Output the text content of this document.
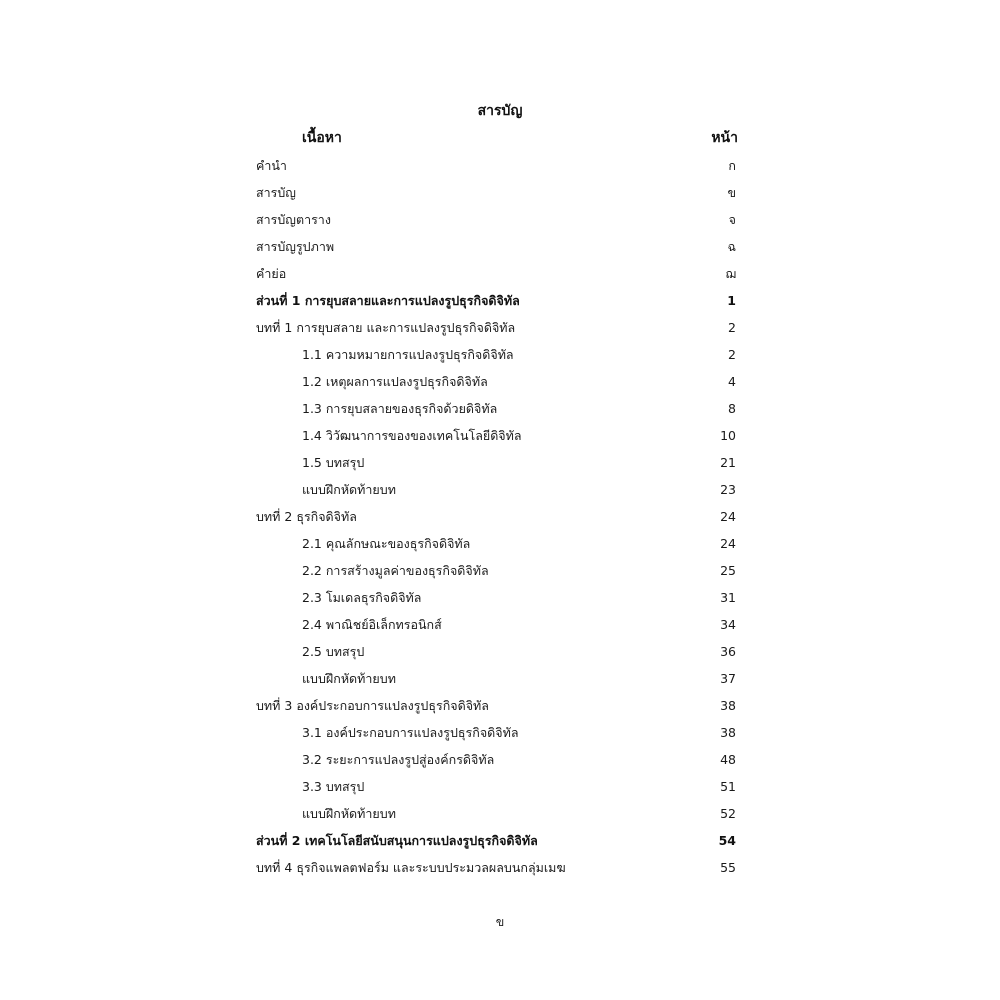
สารบัญ
เนื้อหา	หน้า
คำนำ	ก
สารบัญ	ข
สารบัญตาราง	จ
สารบัญรูปภาพ	ฉ
คำย่อ	ฌ
ส่วนที่ 1 การยุบสลายและการแปลงรูปธุรกิจดิจิทัล	1
บทที่ 1 การยุบสลาย และการแปลงรูปธุรกิจดิจิทัล	2
1.1 ความหมายการแปลงรูปธุรกิจดิจิทัล	2
1.2 เหตุผลการแปลงรูปธุรกิจดิจิทัล	4
1.3 การยุบสลายของธุรกิจด้วยดิจิทัล	8
1.4 วิวัฒนาการของของเทคโนโลยีดิจิทัล	10
1.5 บทสรุป	21
แบบฝึกหัดท้ายบท	23
บทที่ 2 ธุรกิจดิจิทัล	24
2.1 คุณลักษณะของธุรกิจดิจิทัล	24
2.2 การสร้างมูลค่าของธุรกิจดิจิทัล	25
2.3 โมเดลธุรกิจดิจิทัล	31
2.4 พาณิชย์อิเล็กทรอนิกส์	34
2.5 บทสรุป	36
แบบฝึกหัดท้ายบท	37
บทที่ 3 องค์ประกอบการแปลงรูปธุรกิจดิจิทัล	38
3.1 องค์ประกอบการแปลงรูปธุรกิจดิจิทัล	38
3.2 ระยะการแปลงรูปสู่องค์กรดิจิทัล	48
3.3 บทสรุป	51
แบบฝึกหัดท้ายบท	52
ส่วนที่ 2 เทคโนโลยีสนับสนุนการแปลงรูปธุรกิจดิจิทัล	54
บทที่ 4 ธุรกิจแพลตฟอร์ม และระบบประมวลผลบนกลุ่มเมฆ	55
ข
